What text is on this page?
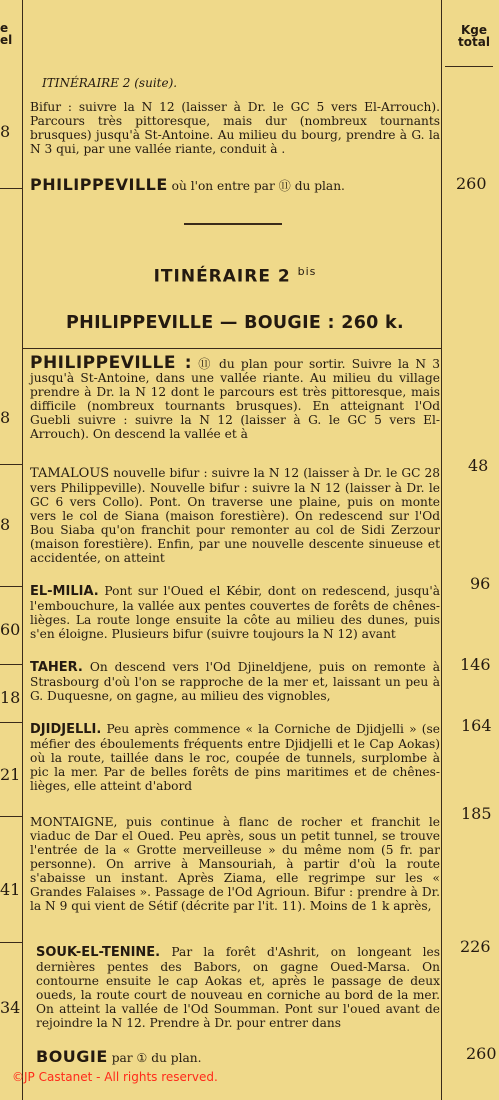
e
el
Kge
total
8
8
8
60
18
21
41
34
260
48
96
146
164
185
226
260
ITINÉRAIRE 2 (suite).
Bifur : suivre la N 12 (laisser à Dr. le GC 5 vers El-Arrouch). Parcours très pittoresque, mais dur (nombreux tournants brusques) jusqu'à St-Antoine. Au milieu du bourg, prendre à G. la N 3 qui, par une vallée riante, conduit à .
PHILIPPEVILLE où l'on entre par ⑪ du plan.
ITINÉRAIRE 2 $^{bis}$
PHILIPPEVILLE — BOUGIE : 260 k.
PHILIPPEVILLE : ⑪ du plan pour sortir. Suivre la N 3 jusqu'à St-Antoine, dans une vallée riante. Au milieu du village prendre à Dr. la N 12 dont le parcours est très pittoresque, mais difficile (nombreux tournants brusques). En atteignant l'Od Guebli suivre : suivre la N 12 (laisser à G. le GC 5 vers El-Arrouch). On descend la vallée et à
TAMALOUS nouvelle bifur : suivre la N 12 (laisser à Dr. le GC 28 vers Philippeville). Nouvelle bifur : suivre la N 12 (laisser à Dr. le GC 6 vers Collo). Pont. On traverse une plaine, puis on monte vers le col de Siana (maison forestière). On redescend sur l'Od Bou Siaba qu'on franchit pour remonter au col de Sidi Zerzour (maison forestière). Enfin, par une nouvelle descente sinueuse et accidentée, on atteint
EL-MILIA. Pont sur l'Oued el Kébir, dont on redescend, jusqu'à l'embouchure, la vallée aux pentes couvertes de forêts de chênes-lièges. La route longe ensuite la côte au milieu des dunes, puis s'en éloigne. Plusieurs bifur (suivre toujours la N 12) avant
TAHER. On descend vers l'Od Djineldjene, puis on remonte à Strasbourg d'où l'on se rapproche de la mer et, laissant un peu à G. Duquesne, on gagne, au milieu des vignobles,
DJIDJELLI. Peu après commence « la Corniche de Djidjelli » (se méfier des éboulements fréquents entre Djidjelli et le Cap Aokas) où la route, taillée dans le roc, coupée de tunnels, surplombe à pic la mer. Par de belles forêts de pins maritimes et de chênes-lièges, elle atteint d'abord
MONTAIGNE, puis continue à flanc de rocher et franchit le viaduc de Dar el Oued. Peu après, sous un petit tunnel, se trouve l'entrée de la « Grotte merveilleuse » du même nom (5 fr. par personne). On arrive à Mansouriah, à partir d'où la route s'abaisse un instant. Après Ziama, elle regrimpe sur les « Grandes Falaises ». Passage de l'Od Agrioun. Bifur : prendre à Dr. la N 9 qui vient de Sétif (décrite par l'it. 11). Moins de 1 k après,
SOUK-EL-TENINE. Par la forêt d'Ashrit, on longeant les dernières pentes des Babors, on gagne Oued-Marsa. On contourne ensuite le cap Aokas et, après le passage de deux oueds, la route court de nouveau en corniche au bord de la mer. On atteint la vallée de l'Od Soumman. Pont sur l'oued avant de rejoindre la N 12. Prendre à Dr. pour entrer dans
BOUGIE par ① du plan.
©JP Castanet - All rights reserved.
